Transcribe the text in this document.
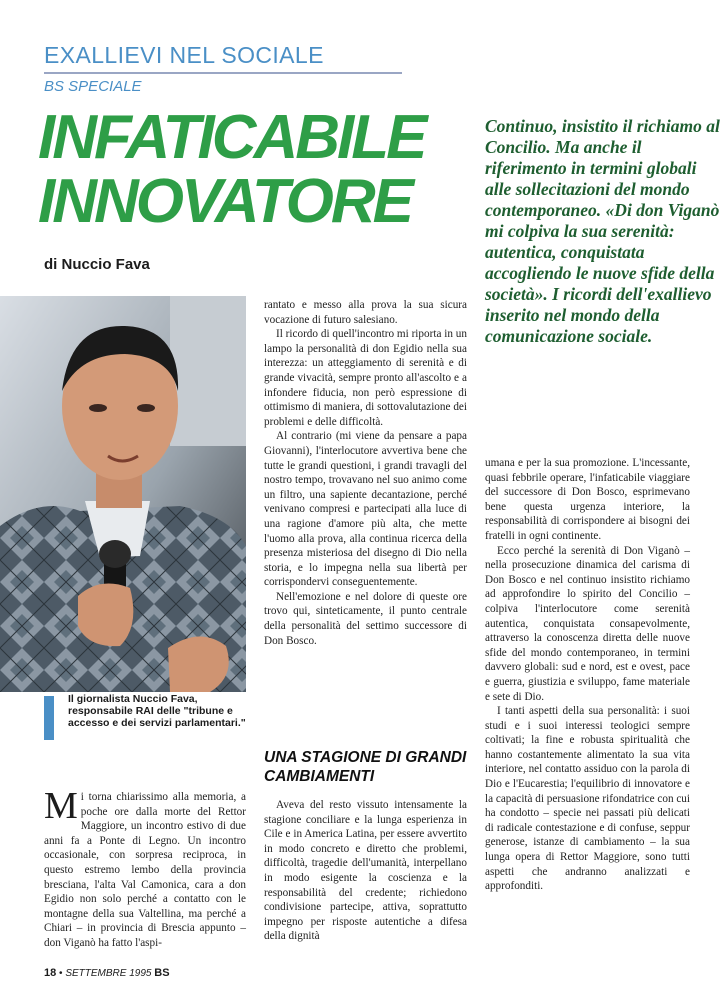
EXALLIEVI NEL SOCIALE
BS SPECIALE
INFATICABILE
INNOVATORE
di Nuccio Fava
Continuo, insistito il richiamo al Concilio. Ma anche il riferimento in termini globali alle sollecitazioni del mondo contemporaneo. «Di don Viganò mi colpiva la sua serenità: autentica, conquistata accogliendo le nuove sfide della società». I ricordi dell'exallievo inserito nel mondo della comunicazione sociale.
Il giornalista Nuccio Fava, responsabile RAI delle "tribune e accesso e dei servizi parlamentari."

Mi torna chiarissimo alla memoria, a poche ore dalla morte del Rettor Maggiore, un incontro estivo di due anni fa a Ponte di Legno. Un incontro occasionale, con sorpresa reciproca, in questo estremo lembo della provincia bresciana, l'alta Val Camonica, cara a don Egidio non solo perché a contatto con le montagne della sua Valtellina, ma perché a Chiari – in provincia di Brescia appunto – don Viganò ha fatto l'aspi-

rantato e messo alla prova la sua sicura vocazione di futuro salesiano.

Il ricordo di quell'incontro mi riporta in un lampo la personalità di don Egidio nella sua interezza: un atteggiamento di serenità e di grande vivacità, sempre pronto all'ascolto e a infondere fiducia, non però espressione di ottimismo di maniera, di sottovalutazione dei problemi e delle difficoltà.

Al contrario (mi viene da pensare a papa Giovanni), l'interlocutore avvertiva bene che tutte le grandi questioni, i grandi travagli del nostro tempo, trovavano nel suo animo come un filtro, una sapiente decantazione, perché venivano compresi e partecipati alla luce di una ragione d'amore più alta, che mette l'uomo alla prova, alla continua ricerca della presenza misteriosa del disegno di Dio nella storia, e lo impegna nella sua libertà per corrispondervi conseguentemente.

Nell'emozione e nel dolore di queste ore trovo qui, sinteticamente, il punto centrale della personalità del settimo successore di Don Bosco.

UNA STAGIONE DI GRANDI CAMBIAMENTI

Aveva del resto vissuto intensamente la stagione conciliare e la lunga esperienza in Cile e in America Latina, per essere avvertito in modo concreto e diretto che problemi, difficoltà, tragedie dell'umanità, interpellano in modo esigente la coscienza e la responsabilità del credente; richiedono condivisione partecipe, attiva, soprattutto impegno per risposte autentiche a difesa della dignità

umana e per la sua promozione. L'incessante, quasi febbrile operare, l'infaticabile viaggiare del successore di Don Bosco, esprimevano bene questa urgenza interiore, la responsabilità di corrispondere ai bisogni dei fratelli in ogni continente.

Ecco perché la serenità di Don Viganò – nella prosecuzione dinamica del carisma di Don Bosco e nel continuo insistito richiamo ad approfondire lo spirito del Concilio – colpiva l'interlocutore come serenità autentica, conquistata consapevolmente, attraverso la conoscenza diretta delle nuove sfide del mondo contemporaneo, in termini davvero globali: sud e nord, est e ovest, pace e guerra, giustizia e sviluppo, fame materiale e sete di Dio.

I tanti aspetti della sua personalità: i suoi studi e i suoi interessi teologici sempre coltivati; la fine e robusta spiritualità che hanno costantemente alimentato la sua vita interiore, nel contatto assiduo con la parola di Dio e l'Eucarestia; l'equilibrio di innovatore e la capacità di persuasione rifondatrice con cui ha condotto – specie nei passati più delicati di radicale contestazione e di confuse, seppur generose, istanze di cambiamento – la sua lunga opera di Rettor Maggiore, sono tutti aspetti che andranno analizzati e approfonditi.

18 • SETTEMBRE 1995 BS
